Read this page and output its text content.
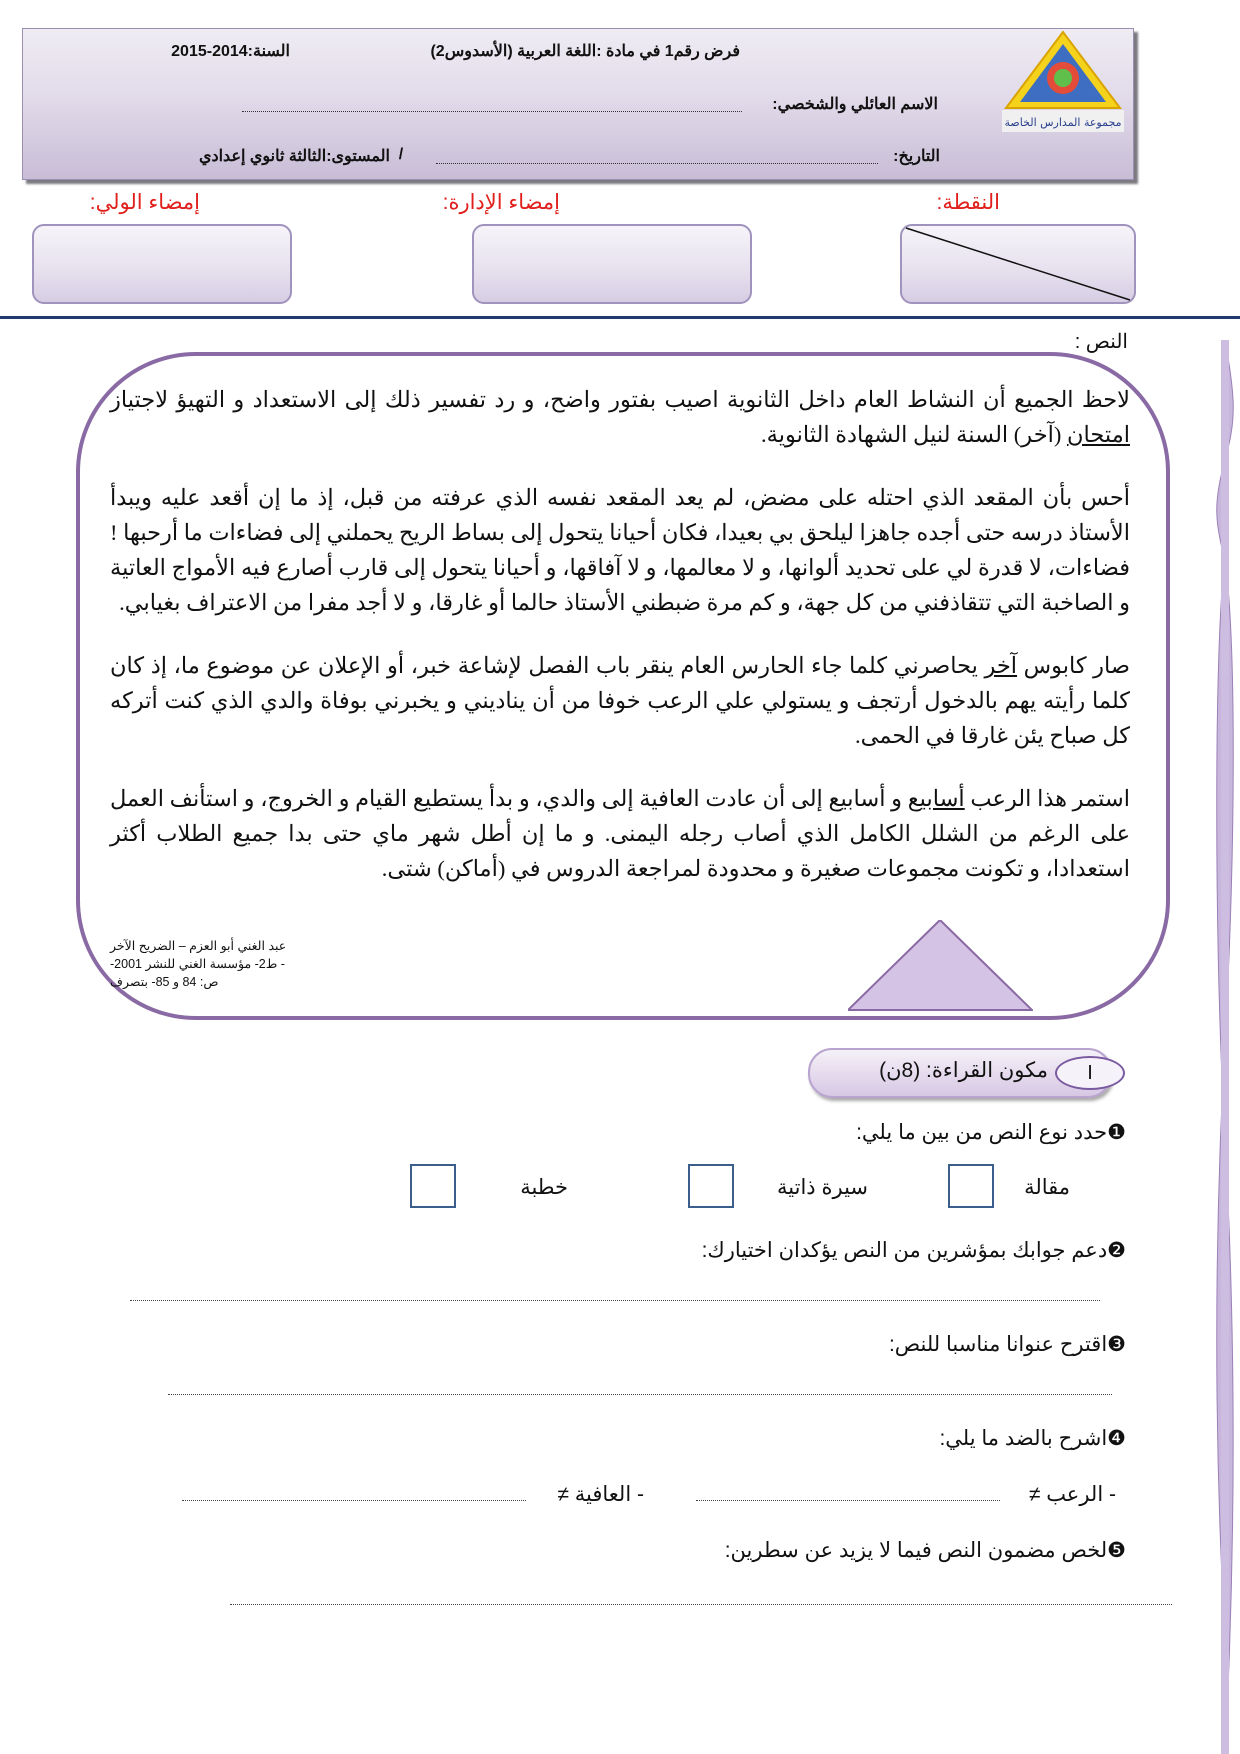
مجموعة المدارس الخاصة
فرض رقم1 في مادة :اللغة العربية (الأسدوس2)
السنة:2014-2015
الاسم العائلي والشخصي:
التاريخ:
/
المستوى:الثالثة ثانوي إعدادي
النقطة:
إمضاء الإدارة:
إمضاء الولي:
النص :

لاحظ الجميع أن النشاط العام داخل الثانوية اصيب بفتور واضح، و رد تفسير ذلك إلى الاستعداد و التهيؤ لاجتياز امتحان (آخر) السنة لنيل الشهادة الثانوية.

أحس بأن المقعد الذي احتله على مضض، لم يعد المقعد نفسه الذي عرفته من قبل، إذ ما إن أقعد عليه ويبدأ الأستاذ درسه حتى أجده جاهزا ليلحق بي بعيدا، فكان أحيانا يتحول إلى بساط الريح يحملني إلى فضاءات ما أرحبها ! فضاءات، لا قدرة لي على تحديد ألوانها، و لا معالمها، و لا آفاقها، و أحيانا يتحول إلى قارب أصارع فيه الأمواج العاتية و الصاخبة التي تتقاذفني من كل جهة، و كم مرة ضبطني الأستاذ حالما أو غارقا، و لا أجد مفرا من الاعتراف بغيابي.

صار كابوس آخر يحاصرني كلما جاء الحارس العام ينقر باب الفصل لإشاعة خبر، أو الإعلان عن موضوع ما، إذ كان كلما رأيته يهم بالدخول أرتجف و يستولي علي الرعب خوفا من أن يناديني و يخبرني بوفاة والدي الذي كنت أتركه كل صباح يئن غارقا في الحمى.

استمر هذا الرعب أسابيع و أسابيع إلى أن عادت العافية إلى والدي، و بدأ يستطيع القيام و الخروج، و استأنف العمل على الرغم من الشلل الكامل الذي أصاب رجله اليمنى. و ما إن أطل شهر ماي حتى بدا جميع الطلاب أكثر استعدادا، و تكونت مجموعات صغيرة و محدودة لمراجعة الدروس في (أماكن) شتى.

عبد الغني أبو العزم – الضريح الآخر
- ط2- مؤسسة الغني للنشر 2001-
ص: 84 و 85- بتصرف
مكون القراءة: (8ن)	I
❶حدد نوع النص من بين ما يلي:
مقالة
سيرة ذاتية
خطبة
❷دعم جوابك بمؤشرين من النص يؤكدان اختيارك:
❸اقترح عنوانا مناسبا للنص:
❹اشرح بالضد ما يلي:
- الرعب ≠
- العافية ≠
❺لخص مضمون النص فيما لا يزيد عن سطرين:
